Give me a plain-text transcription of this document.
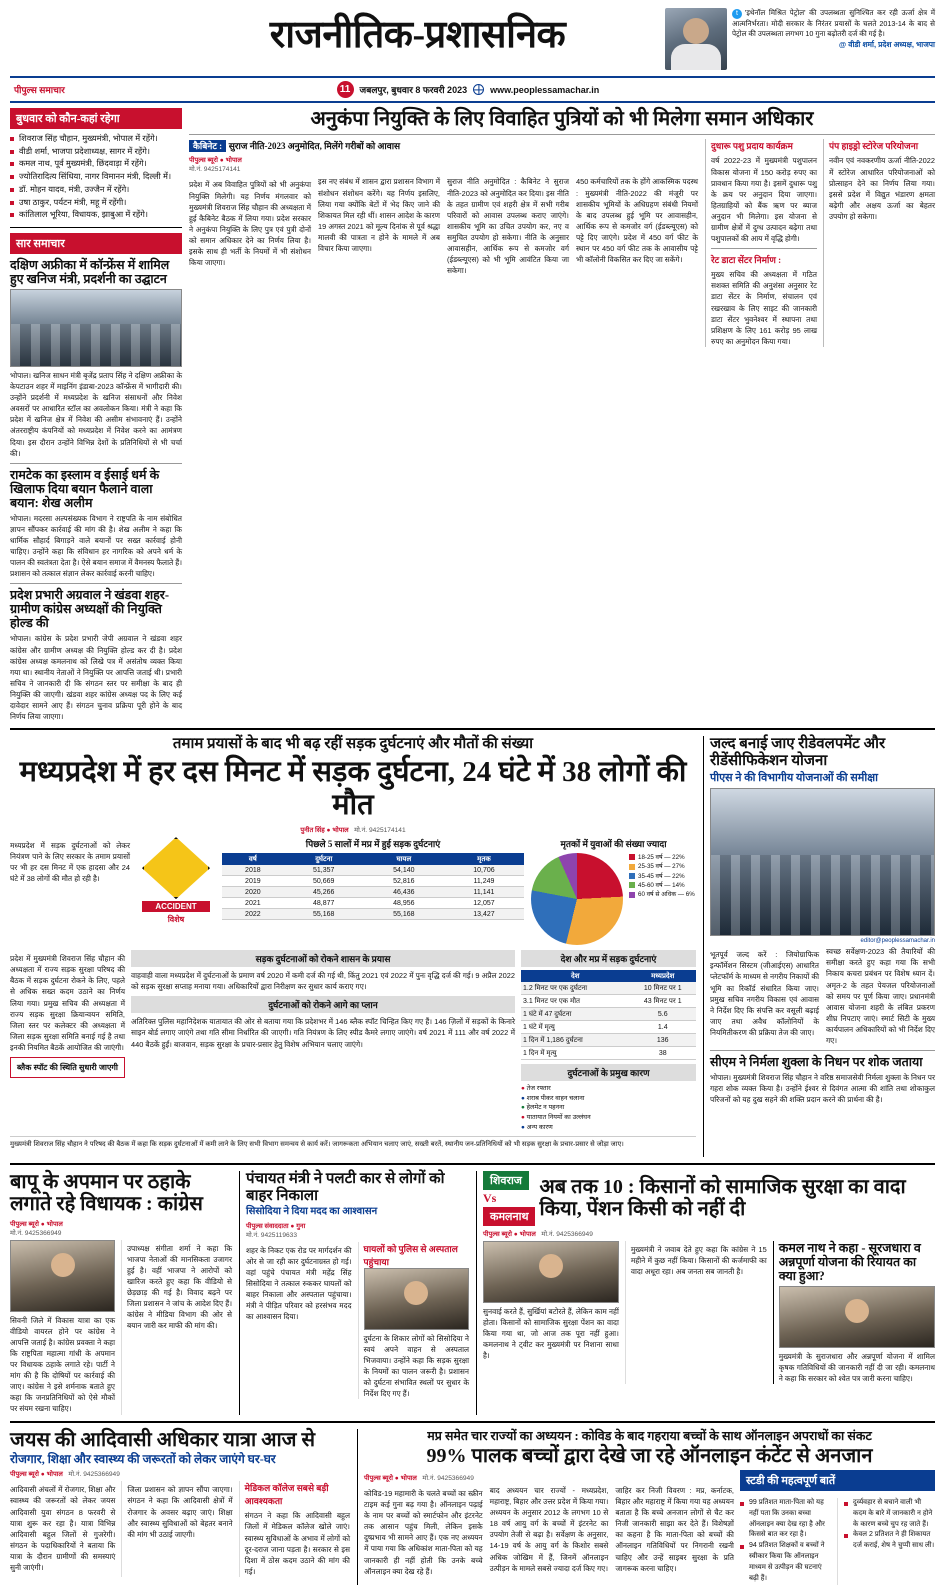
राजनीतिक-प्रशासनिक
t 'इथेनॉल मिश्रित पेट्रोल' की उपलब्धता सुनिश्चित कर रही ऊर्जा क्षेत्र में आत्मनिर्भरता। मोदी सरकार के निरंतर प्रयासों के चलते 2013-14 के बाद से पेट्रोल की उपलब्धता लगभग 10 गुना बढ़ोतरी दर्ज की गई है।
@ वीडी शर्मा, प्रदेश अध्यक्ष, भाजपा
पीपुल्स समाचार	11	जबलपुर, बुधवार 8 फरवरी 2023	www.peoplessamachar.in
बुधवार को कौन-कहां रहेगा
शिवराज सिंह चौहान, मुख्यमंत्री, भोपाल में रहेंगे।
वीडी शर्मा, भाजपा प्रदेशाध्यक्ष, सागर में रहेंगे।
कमल नाथ, पूर्व मुख्यमंत्री, छिंदवाड़ा में रहेंगे।
ज्योतिरादित्य सिंधिया, नागर विमानन मंत्री, दिल्ली में।
डॉ. मोहन यादव, मंत्री, उज्जैन में रहेंगे।
उषा ठाकुर, पर्यटन मंत्री, महू में रहेंगी।
कांतिलाल भूरिया, विधायक, झाबुआ में रहेंगे।
सार समाचार
दक्षिण अफ्रीका में कॉन्फ्रेंस में शामिल हुए खनिज मंत्री, प्रदर्शनी का उद्घाटन

भोपाल। खनिज साधन मंत्री बृजेंद्र प्रताप सिंह ने दक्षिण अफ्रीका के केपटाउन शहर में माइनिंग इंडाबा-2023 कॉन्फ्रेंस में भागीदारी की। उन्होंने प्रदर्शनी में मध्यप्रदेश के खनिज संसाधनों और निवेश अवसरों पर आधारित स्टॉल का अवलोकन किया। मंत्री ने कहा कि प्रदेश में खनिज क्षेत्र में निवेश की असीम संभावनाएं हैं। उन्होंने अंतरराष्ट्रीय कंपनियों को मध्यप्रदेश में निवेश करने का आमंत्रण दिया। इस दौरान उन्होंने विभिन्न देशों के प्रतिनिधियों से भी चर्चा की।

रामटेक का इस्लाम व ईसाई धर्म के खिलाफ दिया बयान फैलाने वाला बयान: शेख अलीम

भोपाल। मदरसा अल्पसंख्यक विभाग ने राष्ट्रपति के नाम संबोधित ज्ञापन सौंपकर कार्रवाई की मांग की है। शेख अलीम ने कहा कि धार्मिक सौहार्द बिगाड़ने वाले बयानों पर सख्त कार्रवाई होनी चाहिए। उन्होंने कहा कि संविधान हर नागरिक को अपने धर्म के पालन की स्वतंत्रता देता है। ऐसे बयान समाज में वैमनस्य फैलाते हैं। प्रशासन को तत्काल संज्ञान लेकर कार्रवाई करनी चाहिए।

प्रदेश प्रभारी अग्रवाल ने खंडवा शहर-ग्रामीण कांग्रेस अध्यक्षों की नियुक्ति होल्ड की

भोपाल। कांग्रेस के प्रदेश प्रभारी जेपी अग्रवाल ने खंडवा शहर कांग्रेस और ग्रामीण अध्यक्ष की नियुक्ति होल्ड कर दी है। प्रदेश कांग्रेस अध्यक्ष कमलनाथ को लिखे पत्र में असंतोष व्यक्त किया गया था। स्थानीय नेताओं ने नियुक्ति पर आपत्ति जताई थी। प्रभारी सचिव ने जानकारी दी कि संगठन स्तर पर समीक्षा के बाद ही नियुक्ति की जाएगी। खंडवा शहर कांग्रेस अध्यक्ष पद के लिए कई दावेदार सामने आए हैं। संगठन चुनाव प्रक्रिया पूरी होने के बाद निर्णय लिया जाएगा।

अनुकंपा नियुक्ति के लिए विवाहित पुत्रियों को भी मिलेगा समान अधिकार
कैबिनेट : सुराज नीति-2023 अनुमोदित, मिलेंगे गरीबों को आवास
पीपुल्स ब्यूरो ● भोपाल
मो.नं. 9425174141

प्रदेश में अब विवाहित पुत्रियों को भी अनुकंपा नियुक्ति मिलेगी। यह निर्णय मंगलवार को मुख्यमंत्री शिवराज सिंह चौहान की अध्यक्षता में हुई कैबिनेट बैठक में लिया गया। प्रदेश सरकार ने अनुकंपा नियुक्ति के लिए पुत्र एवं पुत्री दोनों को समान अधिकार देने का निर्णय लिया है। इसके साथ ही भर्ती के नियमों में भी संशोधन किया जाएगा।

इस नए संबंध में शासन द्वारा प्रशासन विभाग में संशोधन संशोधन करेंगे। यह निर्णय इसलिए, लिया गया क्योंकि बेटों में भेद किए जाने की शिकायत मिल रही थीं। शासन आदेश के कारण 19 अगस्त 2021 को मूल्य दिनांक से पूर्व श्रद्धा मालवी की पात्रता न होने के मामले में अब विचार किया जाएगा।

सुराज नीति अनुमोदित : कैबिनेट ने सुराज नीति-2023 को अनुमोदित कर दिया। इस नीति के तहत ग्रामीण एवं शहरी क्षेत्र में सभी गरीब परिवारों को आवास उपलब्ध कराए जाएंगे। शासकीय भूमि का उचित उपयोग कर, नए व समुचित उपयोग हो सकेगा। नीति के अनुसार आवासहीन, आर्थिक रूप से कमजोर वर्ग (ईडब्ल्यूएस) को भी भूमि आवंटित किया जा सकेगा।

450 कर्मचारियों तक के होंगे आकस्मिक पदस्थ : मुख्यमंत्री नीति-2022 की मंजूरी पर शासकीय भूमियों के अधिग्रहण संबंधी नियमों के बाद उपलब्ध हुई भूमि पर आवासहीन, आर्थिक रूप से कमजोर वर्ग (ईडब्ल्यूएस) को पट्टे दिए जाएंगे। प्रदेश में 450 वर्ग फीट के स्थान पर 450 वर्ग फीट तक के आवासीय पट्टे भी कॉलोनी विकसित कर दिए जा सकेंगे।

दुधारू पशु प्रदाय कार्यक्रम

वर्ष 2022-23 में मुख्यमंत्री पशुपालन विकास योजना में 150 करोड़ रुपए का प्रावधान किया गया है। इसमें दुधारू पशु के क्रय पर अनुदान दिया जाएगा। हितग्राहियों को बैंक ऋण पर ब्याज अनुदान भी मिलेगा। इस योजना से ग्रामीण क्षेत्रों में दुग्ध उत्पादन बढ़ेगा तथा पशुपालकों की आय में वृद्धि होगी।

रेट डाटा सेंटर निर्माण :

मुख्य सचिव की अध्यक्षता में गठित सशक्त समिति की अनुशंसा अनुसार रेट डाटा सेंटर के निर्माण, संचालन एवं रखरखाव के लिए साइट की जानकारी डाटा सेंटर भुवनेश्वर में स्थापना तथा प्रशिक्षण के लिए 161 करोड़ 95 लाख रुपए का अनुमोदन किया गया।

पंप हाइड्रो स्टोरेज परियोजना

नवीन एवं नवकरणीय ऊर्जा नीति-2022 में स्टोरेज आधारित परियोजनाओं को प्रोत्साहन देने का निर्णय लिया गया। इससे प्रदेश में विद्युत भंडारण क्षमता बढ़ेगी और अक्षय ऊर्जा का बेहतर उपयोग हो सकेगा।

तमाम प्रयासों के बाद भी बढ़ रहीं सड़क दुर्घटनाएं और मौतों की संख्या
मध्यप्रदेश में हर दस मिनट में सड़क दुर्घटना, 24 घंटे में 38 लोगों की मौत
पुनीत सिंह ● भोपाल मो.नं. 9425174141

मध्यप्रदेश में सड़क दुर्घटनाओं को लेकर नियंत्रण पाने के लिए सरकार के तमाम प्रयासों पर भी हर दस मिनट में एक हादसा और 24 घंटे में 38 लोगों की मौत हो रही है।

ACCIDENT
विशेष
पिछले 5 सालों में मप्र में हुई सड़क दुर्घटनाएं
वर्ष	दुर्घटना	घायल	मृतक
2018	51,357	54,140	10,706
2019	50,669	52,816	11,249
2020	45,266	46,436	11,141
2021	48,877	48,956	12,057
2022	55,168	55,168	13,427
मृतकों में युवाओं की संख्या ज्यादा
18-25 वर्ष — 22%
25-35 वर्ष — 27%
35-45 वर्ष — 22%
45-60 वर्ष — 14%
60 वर्ष से अधिक — 6%

प्रदेश में मुख्यमंत्री शिवराज सिंह चौहान की अध्यक्षता में राज्य सड़क सुरक्षा परिषद की बैठक में सड़क दुर्घटना रोकने के लिए, पहले से अधिक सख्त कदम उठाने का निर्णय लिया गया। प्रमुख सचिव की अध्यक्षता में राज्य सड़क सुरक्षा क्रियान्वयन समिति, जिला स्तर पर कलेक्टर की अध्यक्षता में जिला सड़क सुरक्षा समिति बनाई गई है तथा इनकी नियमित बैठकें आयोजित की जाएंगी।

ब्लैक स्पॉट की स्थिति सुधारी जाएगी
सड़क दुर्घटनाओं को रोकने शासन के प्रयास

वाहवाही वाला मध्यप्रदेश में दुर्घटनाओं के प्रमाण वर्ष 2020 में कमी दर्ज की गई थी, किंतु 2021 एवं 2022 में पुनः वृद्धि दर्ज की गई। 9 अप्रैल 2022 को सड़क सुरक्षा सप्ताह मनाया गया। अधिकारियों द्वारा निरीक्षण कर सुधार कार्य कराए गए।

दुर्घटनाओं को रोकने आगे का प्लान

अतिरिक्त पुलिस महानिदेशक यातायात की ओर से बताया गया कि प्रदेशभर में 146 ब्लैक स्पॉट चिन्हित किए गए हैं। 146 ज़िलों में सड़कों के किनारे साइन बोर्ड लगाए जाएंगे तथा गति सीमा निर्धारित की जाएगी। गति नियंत्रण के लिए स्पीड कैमरे लगाए जाएंगे। वर्ष 2021 में 111 और वर्ष 2022 में 440 बैठकें हुईं। बाजवान, सड़क सुरक्षा के प्रचार-प्रसार हेतु विशेष अभियान चलाए जाएंगे।

देश और मप्र में सड़क दुर्घटनाएं
देश	मध्यप्रदेश
1.2 मिनट पर एक दुर्घटना	10 मिनट पर 1
3.1 मिनट पर एक मौत	43 मिनट पर 1
1 घंटे में 47 दुर्घटना	5.6
1 घंटे में मृत्यु	1.4
1 दिन में 1,186 दुर्घटना	136
1 दिन में मृत्यु	38
दुर्घटनाओं के प्रमुख कारण
● तेज रफ्तार
● शराब पीकर वाहन चलाना
● हेलमेट न पहनना
● यातायात नियमों का उल्लंघन
● अन्य कारण

मुख्यमंत्री शिवराज सिंह चौहान ने परिषद की बैठक में कहा कि सड़क दुर्घटनाओं में कमी लाने के लिए सभी विभाग समन्वय से कार्य करें। जागरूकता अभियान चलाए जाएं, सख्ती बरतें, स्थानीय जन-प्रतिनिधियों को भी सड़क सुरक्षा के प्रचार-प्रसार से जोड़ा जाए।

जल्द बनाई जाए रीडेवलपमेंट और रीडेंसीफिकेशन योजना
पीएस ने की विभागीय योजनाओं की समीक्षा
editor@peoplessamachar.in

भूतपूर्व जल्द करें : जियोग्राफिक इन्फॉर्मेशन सिस्टम (जीआईएस) आधारित प्लेटफॉर्म के माध्यम से नगरीय निकायों की भूमि का रिकॉर्ड संधारित किया जाए। प्रमुख सचिव नगरीय विकास एवं आवास ने निर्देश दिए कि संपत्ति कर वसूली बढ़ाई जाए तथा अवैध कॉलोनियों के नियमितीकरण की प्रक्रिया तेज की जाए।

स्वच्छ सर्वेक्षण-2023 की तैयारियों की समीक्षा करते हुए कहा गया कि सभी निकाय कचरा प्रबंधन पर विशेष ध्यान दें। अमृत-2 के तहत पेयजल परियोजनाओं को समय पर पूर्ण किया जाए। प्रधानमंत्री आवास योजना शहरी के लंबित प्रकरण शीघ्र निपटाए जाएं। स्मार्ट सिटी के मुख्य कार्यपालन अधिकारियों को भी निर्देश दिए गए।

सीएम ने निर्मला शुक्ला के निधन पर शोक जताया

भोपाल। मुख्यमंत्री शिवराज सिंह चौहान ने वरिष्ठ समाजसेवी निर्मला शुक्ला के निधन पर गहरा शोक व्यक्त किया है। उन्होंने ईश्वर से दिवंगत आत्मा की शांति तथा शोकाकुल परिजनों को यह दुख सहने की शक्ति प्रदान करने की प्रार्थना की है।

बापू के अपमान पर ठहाके लगाते रहे विधायक : कांग्रेस
पीपुल्स ब्यूरो ● भोपाल
मो.नं. 9425366949

सिवनी जिले में विकास यात्रा का एक वीडियो वायरल होने पर कांग्रेस ने आपत्ति जताई है। कांग्रेस प्रवक्ता ने कहा कि राष्ट्रपिता महात्मा गांधी के अपमान पर विधायक ठहाके लगाते रहे। पार्टी ने मांग की है कि दोषियों पर कार्रवाई की जाए। कांग्रेस ने इसे शर्मनाक बताते हुए कहा कि जनप्रतिनिधियों को ऐसे मौकों पर संयम रखना चाहिए।

उपाध्यक्ष संगीता शर्मा ने कहा कि भाजपा नेताओं की मानसिकता उजागर हुई है। वहीं भाजपा ने आरोपों को खारिज करते हुए कहा कि वीडियो से छेड़छाड़ की गई है। विवाद बढ़ने पर जिला प्रशासन ने जांच के आदेश दिए हैं। कांग्रेस ने मीडिया विभाग की ओर से बयान जारी कर माफी की मांग की।

पंचायत मंत्री ने पलटी कार से लोगों को बाहर निकाला
सिसोदिया ने दिया मदद का आश्वासन
पीपुल्स संवाददाता ● गुना
मो.नं. 9425119633

शहर के निकट एक रोड पर मार्गदर्शन की ओर से जा रही कार दुर्घटनाग्रस्त हो गई। वहां पहुंचे पंचायत मंत्री महेंद्र सिंह सिसोदिया ने तत्काल रुककर घायलों को बाहर निकाला और अस्पताल पहुंचाया। मंत्री ने पीड़ित परिवार को हरसंभव मदद का आश्वासन दिया।

घायलों को पुलिस से अस्पताल पहुंचाया

दुर्घटना के शिकार लोगों को सिसोदिया ने स्वयं अपने वाहन से अस्पताल भिजवाया। उन्होंने कहा कि सड़क सुरक्षा के नियमों का पालन जरूरी है। प्रशासन को दुर्घटना संभावित स्थलों पर सुधार के निर्देश दिए गए हैं।

शिवराज
Vs
कमलनाथ
अब तक 10 : किसानों को सामाजिक सुरक्षा का वादा किया, पेंशन किसी को नहीं दी
पीपुल्स ब्यूरो ● भोपाल मो.नं. 9425366949

सुनवाई करते हैं, सुर्खियां बटोरते हैं, लेकिन काम नहीं होता। किसानों को सामाजिक सुरक्षा पेंशन का वादा किया गया था, जो आज तक पूरा नहीं हुआ। कमलनाथ ने ट्वीट कर मुख्यमंत्री पर निशाना साधा है।

मुख्यमंत्री ने जवाब देते हुए कहा कि कांग्रेस ने 15 महीने में कुछ नहीं किया। किसानों की कर्जमाफी का वादा अधूरा रहा। अब जनता सब जानती है।

कमल नाथ ने कहा - सूरजधारा व अन्नपूर्णा योजना की रियायत का क्या हुआ?

मुख्यमंत्री के सुराजधारा और अन्नपूर्णा योजना में शामिल कृषक गतिविधियों की जानकारी नहीं दी जा रही। कमलनाथ ने कहा कि सरकार को श्वेत पत्र जारी करना चाहिए।

जयस की आदिवासी अधिकार यात्रा आज से
रोजगार, शिक्षा और स्वास्थ्य की जरूरतों को लेकर जाएंगे घर-घर
पीपुल्स ब्यूरो ● भोपाल मो.नं. 9425366949

आदिवासी अंचलों में रोजगार, शिक्षा और स्वास्थ्य की जरूरतों को लेकर जयस आदिवासी युवा संगठन 8 फरवरी से यात्रा शुरू कर रहा है। यात्रा विभिन्न आदिवासी बहुल जिलों से गुजरेगी। संगठन के पदाधिकारियों ने बताया कि यात्रा के दौरान ग्रामीणों की समस्याएं सुनी जाएंगी।

जिला प्रशासन को ज्ञापन सौंपा जाएगा। संगठन ने कहा कि आदिवासी क्षेत्रों में रोजगार के अवसर बढ़ाए जाएं। शिक्षा और स्वास्थ्य सुविधाओं को बेहतर बनाने की मांग भी उठाई जाएगी।

मेडिकल कॉलेज सबसे बड़ी आवश्यकता

संगठन ने कहा कि आदिवासी बहुल जिलों में मेडिकल कॉलेज खोले जाएं। स्वास्थ्य सुविधाओं के अभाव में लोगों को दूर-दराज जाना पड़ता है। सरकार से इस दिशा में ठोस कदम उठाने की मांग की गई।

मप्र समेत चार राज्यों का अध्ययन : कोविड के बाद गहराया बच्चों के साथ ऑनलाइन अपराधों का संकट
99% पालक बच्चों द्वारा देखे जा रहे ऑनलाइन कंटेंट से अनजान
पीपुल्स ब्यूरो ● भोपाल मो.नं. 9425366949

कोविड-19 महामारी के चलते बच्चों का स्क्रीन टाइम कई गुना बढ़ गया है। ऑनलाइन पढ़ाई के नाम पर बच्चों को स्मार्टफोन और इंटरनेट तक आसान पहुंच मिली, लेकिन इसके दुष्प्रभाव भी सामने आए हैं। एक नए अध्ययन में पाया गया कि अधिकांश माता-पिता को यह जानकारी ही नहीं होती कि उनके बच्चे ऑनलाइन क्या देख रहे हैं।

बाद अध्ययन चार राज्यों - मध्यप्रदेश, महाराष्ट्र, बिहार और उत्तर प्रदेश में किया गया। अध्ययन के अनुसार 2012 के लगभग 10 से 18 वर्ष आयु वर्ग के बच्चों में इंटरनेट का उपयोग तेजी से बढ़ा है। सर्वेक्षण के अनुसार, 14-19 वर्ष के आयु वर्ग के किशोर सबसे अधिक जोखिम में हैं, जिनमें ऑनलाइन उत्पीड़न के मामले सबसे ज्यादा दर्ज किए गए।

जाहिर कर निजी विवरण : मप्र, कर्नाटक, बिहार और महाराष्ट्र में किया गया यह अध्ययन बताता है कि बच्चे अनजान लोगों से चैट कर निजी जानकारी साझा कर देते हैं। विशेषज्ञों का कहना है कि माता-पिता को बच्चों की ऑनलाइन गतिविधियों पर निगरानी रखनी चाहिए और उन्हें साइबर सुरक्षा के प्रति जागरूक करना चाहिए।

स्टडी की महत्वपूर्ण बातें
99 प्रतिशत माता-पिता को यह नहीं पता कि उनका बच्चा ऑनलाइन क्या देख रहा है और किससे बात कर रहा है।
94 प्रतिशत शिक्षकों व बच्चों ने स्वीकार किया कि ऑनलाइन माध्यम से उत्पीड़न की घटनाएं बढ़ी हैं।
दुर्व्यवहार से बचाने वाली भी कदम के बारे में जानकारी न होने के कारण बच्चे चुप रह जाते हैं।
केवल 2 प्रतिशत ने ही शिकायत दर्ज कराई, शेष ने चुप्पी साध ली।
